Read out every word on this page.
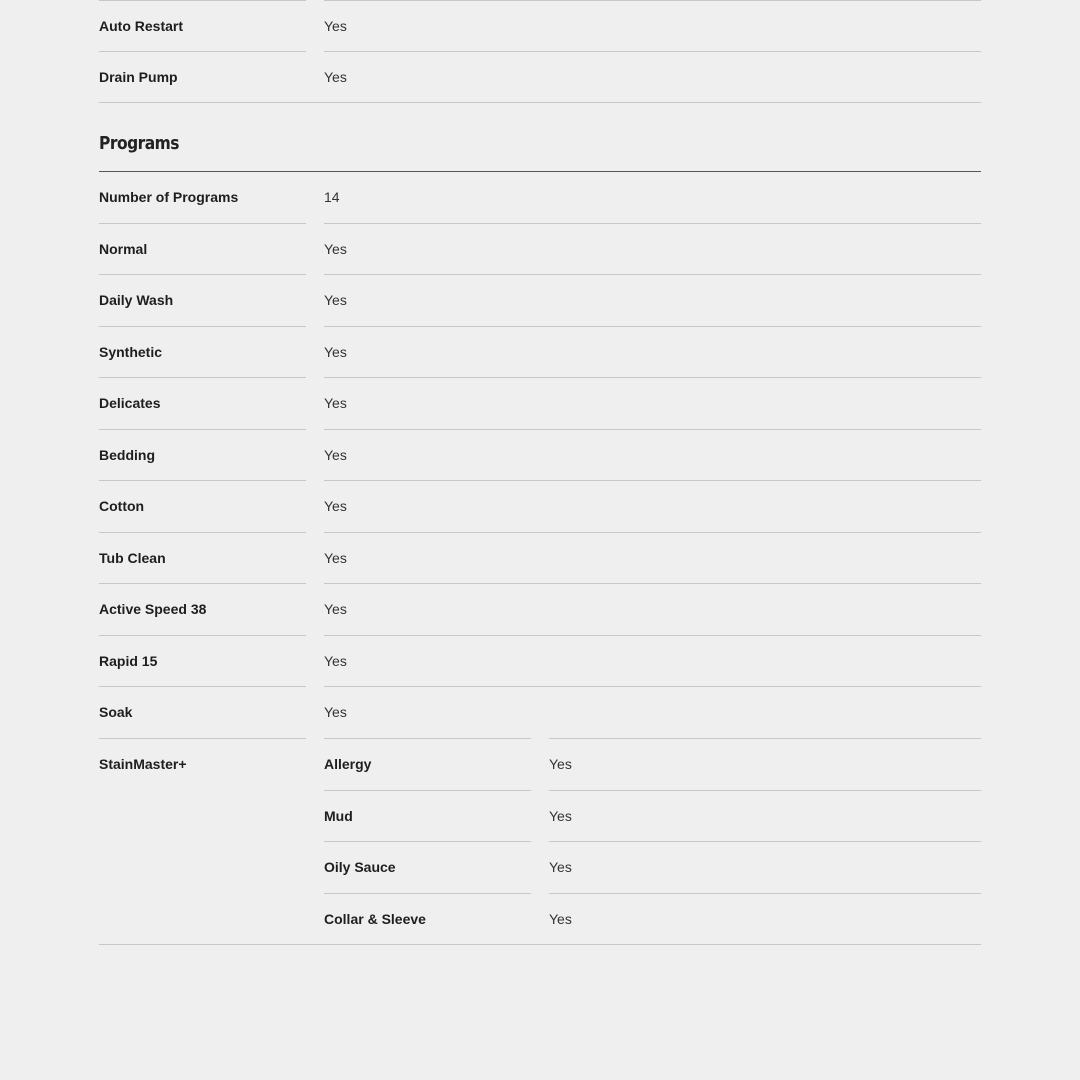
Auto Restart	Yes
Drain Pump	Yes
Programs
Number of Programs	14
Normal	Yes
Daily Wash	Yes
Synthetic	Yes
Delicates	Yes
Bedding	Yes
Cotton	Yes
Tub Clean	Yes
Active Speed 38	Yes
Rapid 15	Yes
Soak	Yes
StainMaster+	Allergy	Yes
Mud	Yes
Oily Sauce	Yes
Collar & Sleeve	Yes
